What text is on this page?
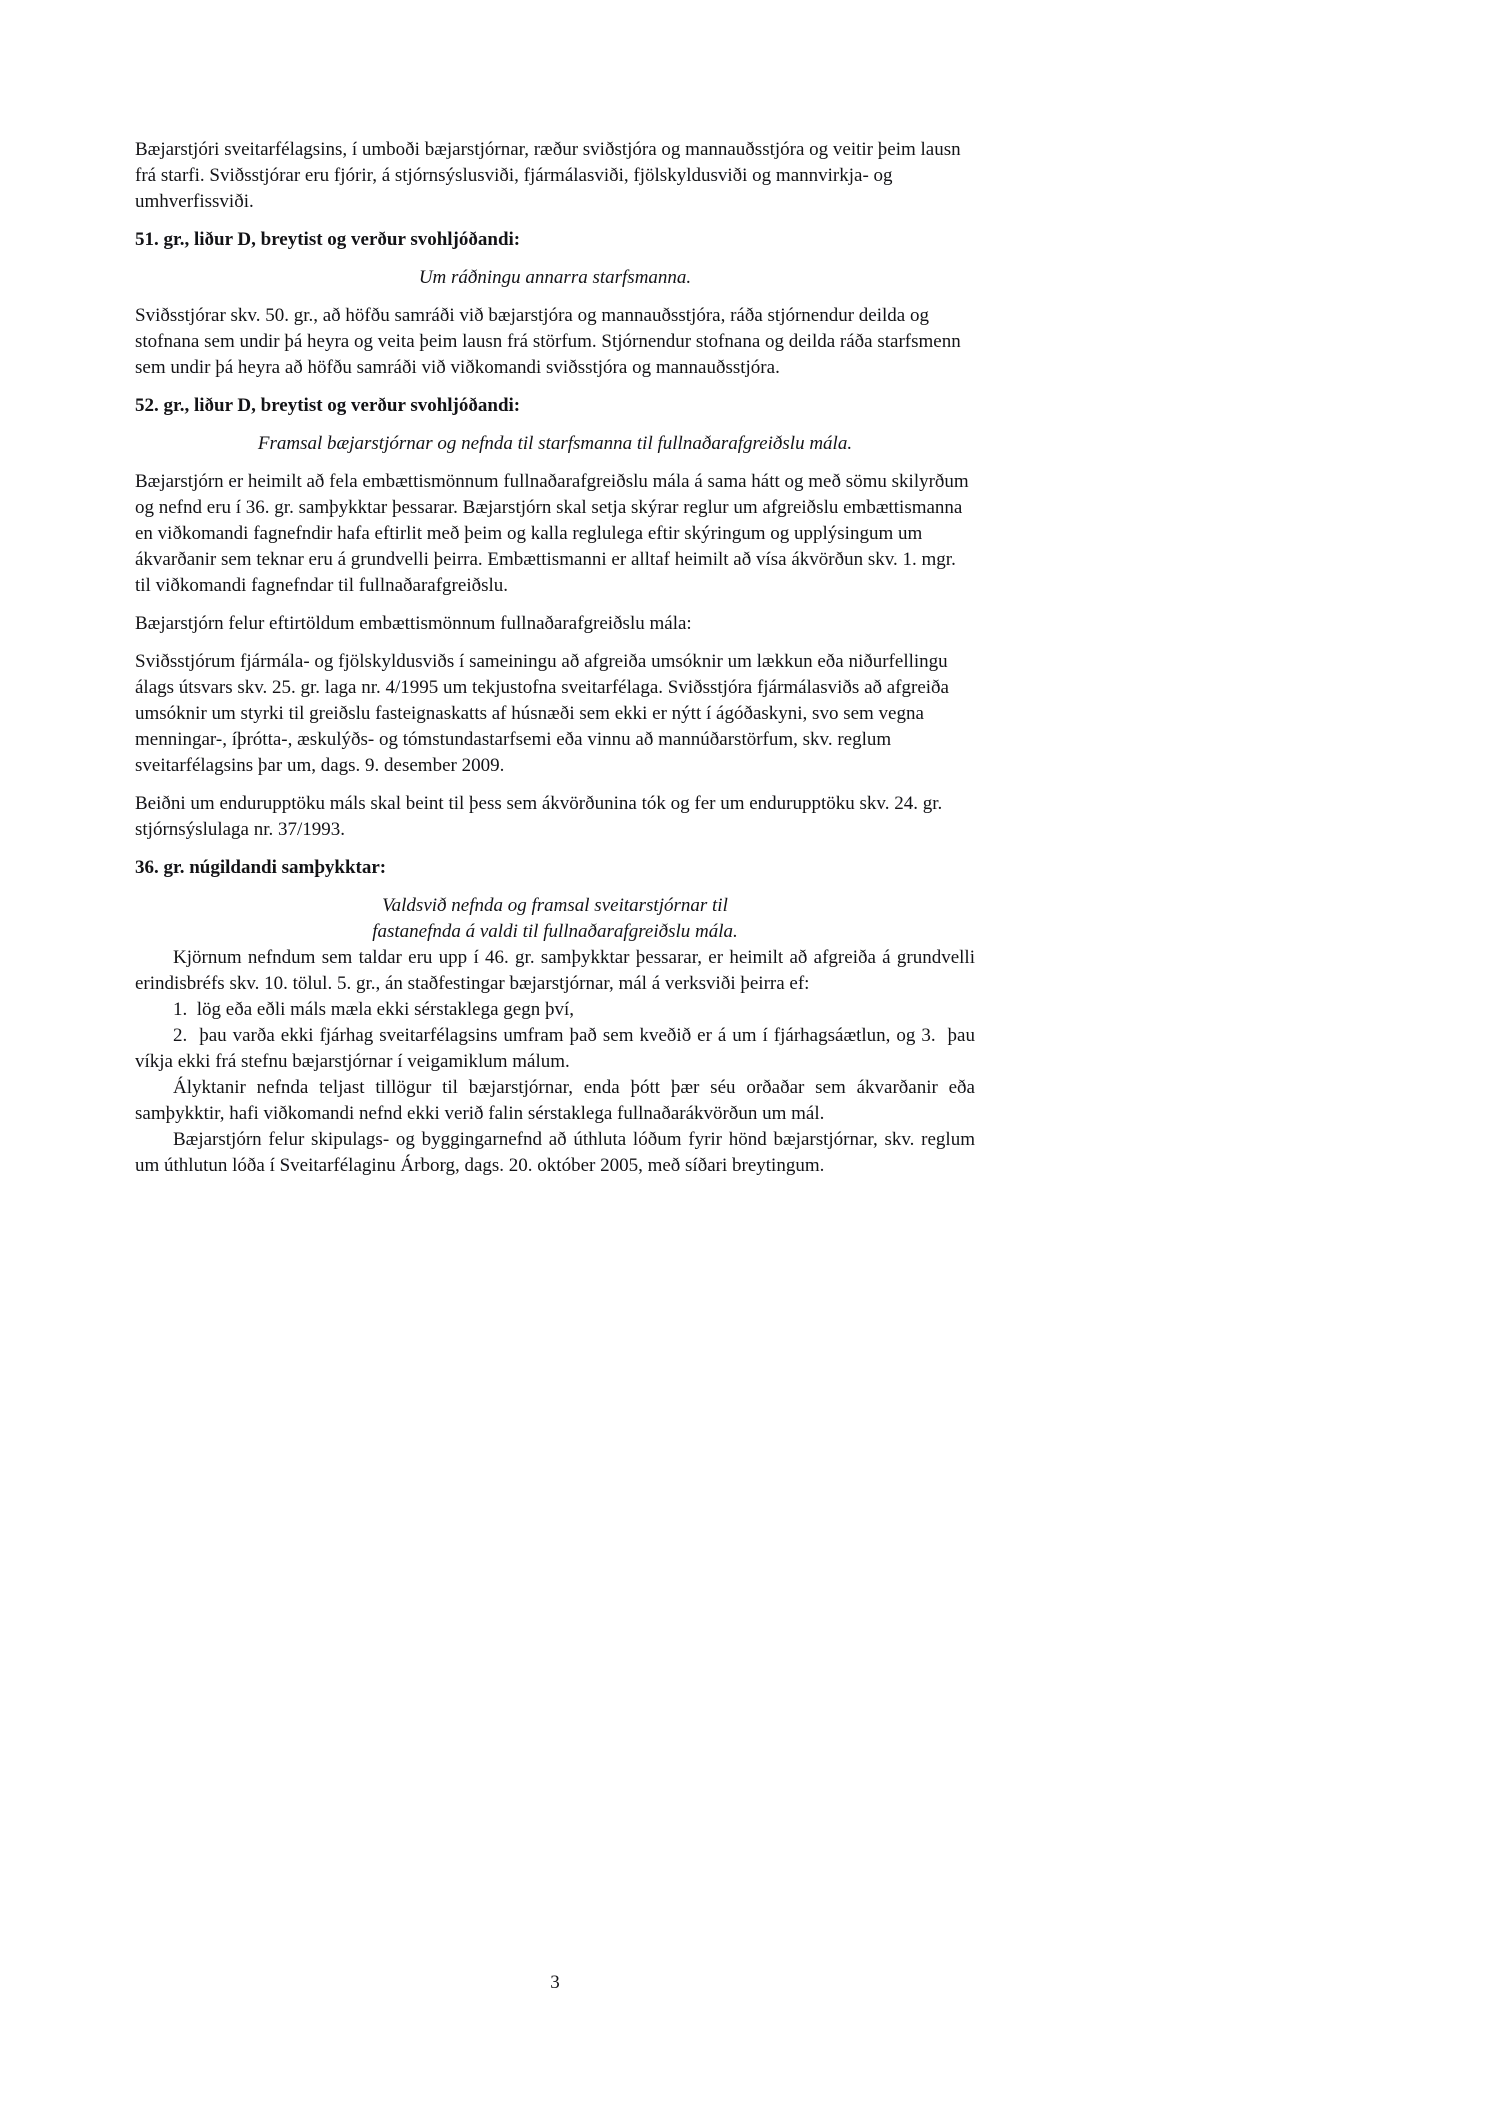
Bæjarstjóri sveitarfélagsins, í umboði bæjarstjórnar, ræður sviðstjóra og mannauðsstjóra og veitir þeim lausn frá starfi. Sviðsstjórar eru fjórir, á stjórnsýslusviði, fjármálasviði, fjölskyldusviði og mannvirkja- og umhverfissviði.

51. gr., liður D, breytist og verður svohljóðandi:

Um ráðningu annarra starfsmanna.

Sviðsstjórar skv. 50. gr., að höfðu samráði við bæjarstjóra og mannauðsstjóra, ráða stjórnendur deilda og stofnana sem undir þá heyra og veita þeim lausn frá störfum. Stjórnendur stofnana og deilda ráða starfsmenn sem undir þá heyra að höfðu samráði við viðkomandi sviðsstjóra og mannauðsstjóra.

52. gr., liður D, breytist og verður svohljóðandi:

Framsal bæjarstjórnar og nefnda til starfsmanna til fullnaðarafgreiðslu mála.

Bæjarstjórn er heimilt að fela embættismönnum fullnaðarafgreiðslu mála á sama hátt og með sömu skilyrðum og nefnd eru í 36. gr. samþykktar þessarar. Bæjarstjórn skal setja skýrar reglur um afgreiðslu embættismanna en viðkomandi fagnefndir hafa eftirlit með þeim og kalla reglulega eftir skýringum og upplýsingum um ákvarðanir sem teknar eru á grundvelli þeirra. Embættismanni er alltaf heimilt að vísa ákvörðun skv. 1. mgr. til viðkomandi fagnefndar til fullnaðarafgreiðslu.

Bæjarstjórn felur eftirtöldum embættismönnum fullnaðarafgreiðslu mála:

Sviðsstjórum fjármála- og fjölskyldusviðs í sameiningu að afgreiða umsóknir um lækkun eða niðurfellingu álags útsvars skv. 25. gr. laga nr. 4/1995 um tekjustofna sveitarfélaga. Sviðsstjóra fjármálasviðs að afgreiða umsóknir um styrki til greiðslu fasteignaskatts af húsnæði sem ekki er nýtt í ágóðaskyni, svo sem vegna menningar-, íþrótta-, æskulýðs- og tómstundastarfsemi eða vinnu að mannúðarstörfum, skv. reglum sveitarfélagsins þar um, dags. 9. desember 2009.

Beiðni um endurupptöku máls skal beint til þess sem ákvörðunina tók og fer um endurupptöku skv. 24. gr. stjórnsýslulaga nr. 37/1993.

36. gr. núgildandi samþykktar:

Valdsvið nefnda og framsal sveitarstjórnar til

fastanefnda á valdi til fullnaðarafgreiðslu mála.

Kjörnum nefndum sem taldar eru upp í 46. gr. samþykktar þessarar, er heimilt að afgreiða á grundvelli erindisbréfs skv. 10. tölul. 5. gr., án staðfestingar bæjarstjórnar, mál á verksviði þeirra ef:

1.  lög eða eðli máls mæla ekki sérstaklega gegn því,

2.  þau varða ekki fjárhag sveitarfélagsins umfram það sem kveðið er á um í fjárhagsáætlun, og 3.  þau víkja ekki frá stefnu bæjarstjórnar í veigamiklum málum.

Ályktanir nefnda teljast tillögur til bæjarstjórnar, enda þótt þær séu orðaðar sem ákvarðanir eða samþykktir, hafi viðkomandi nefnd ekki verið falin sérstaklega fullnaðarákvörðun um mál.

Bæjarstjórn felur skipulags- og byggingarnefnd að úthluta lóðum fyrir hönd bæjarstjórnar, skv. reglum um úthlutun lóða í Sveitarfélaginu Árborg, dags. 20. október 2005, með síðari breytingum.

3
